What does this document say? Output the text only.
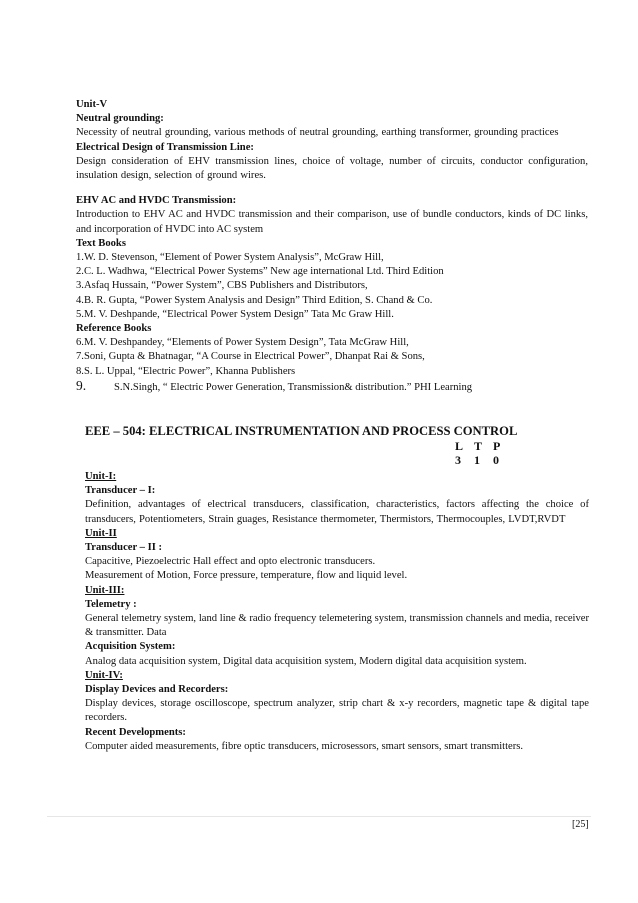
Unit-V
Neutral grounding:
Necessity of neutral grounding, various methods of neutral grounding, earthing transformer, grounding practices
Electrical Design of Transmission Line:
Design consideration of EHV transmission lines, choice of voltage, number of circuits, conductor configuration, insulation design, selection of ground wires.
EHV AC and HVDC Transmission:
Introduction to EHV AC and HVDC transmission and their comparison, use of bundle conductors, kinds of DC links, and incorporation of HVDC into AC system
Text Books
1.W. D. Stevenson, “Element of Power System Analysis”, McGraw Hill,
2.C. L. Wadhwa, “Electrical Power Systems” New age international Ltd. Third Edition
3.Asfaq Hussain, “Power System”, CBS Publishers and Distributors,
4.B. R. Gupta, “Power System Analysis and Design” Third Edition, S. Chand & Co.
5.M. V. Deshpande, “Electrical Power System Design” Tata Mc Graw Hill.
Reference Books
6.M. V. Deshpandey, “Elements of Power System Design”, Tata McGraw Hill,
7.Soni, Gupta & Bhatnagar, “A Course in Electrical Power”, Dhanpat Rai & Sons,
8.S. L. Uppal, “Electric Power”, Khanna Publishers
9.	S.N.Singh, “ Electric Power Generation, Transmission& distribution.” PHI Learning
EEE – 504: ELECTRICAL INSTRUMENTATION AND PROCESS CONTROL
L T P
3 1 0
Unit-I:
Transducer – I:
Definition, advantages of electrical transducers, classification, characteristics, factors affecting the choice of transducers, Potentiometers, Strain guages, Resistance thermometer, Thermistors, Thermocouples, LVDT,RVDT
Unit-II
Transducer – II :
Capacitive, Piezoelectric Hall effect and opto electronic transducers.
Measurement of Motion, Force pressure, temperature, flow and liquid level.
Unit-III:
Telemetry :
General telemetry system, land line & radio frequency telemetering system, transmission channels and media, receiver & transmitter. Data
Acquisition System:
Analog data acquisition system, Digital data acquisition system, Modern digital data acquisition system.
Unit-IV:
Display Devices and Recorders:
Display devices, storage oscilloscope, spectrum analyzer, strip chart & x-y recorders, magnetic tape & digital tape recorders.
Recent Developments:
Computer aided measurements, fibre optic transducers, microsessors, smart sensors, smart transmitters.
[25]
